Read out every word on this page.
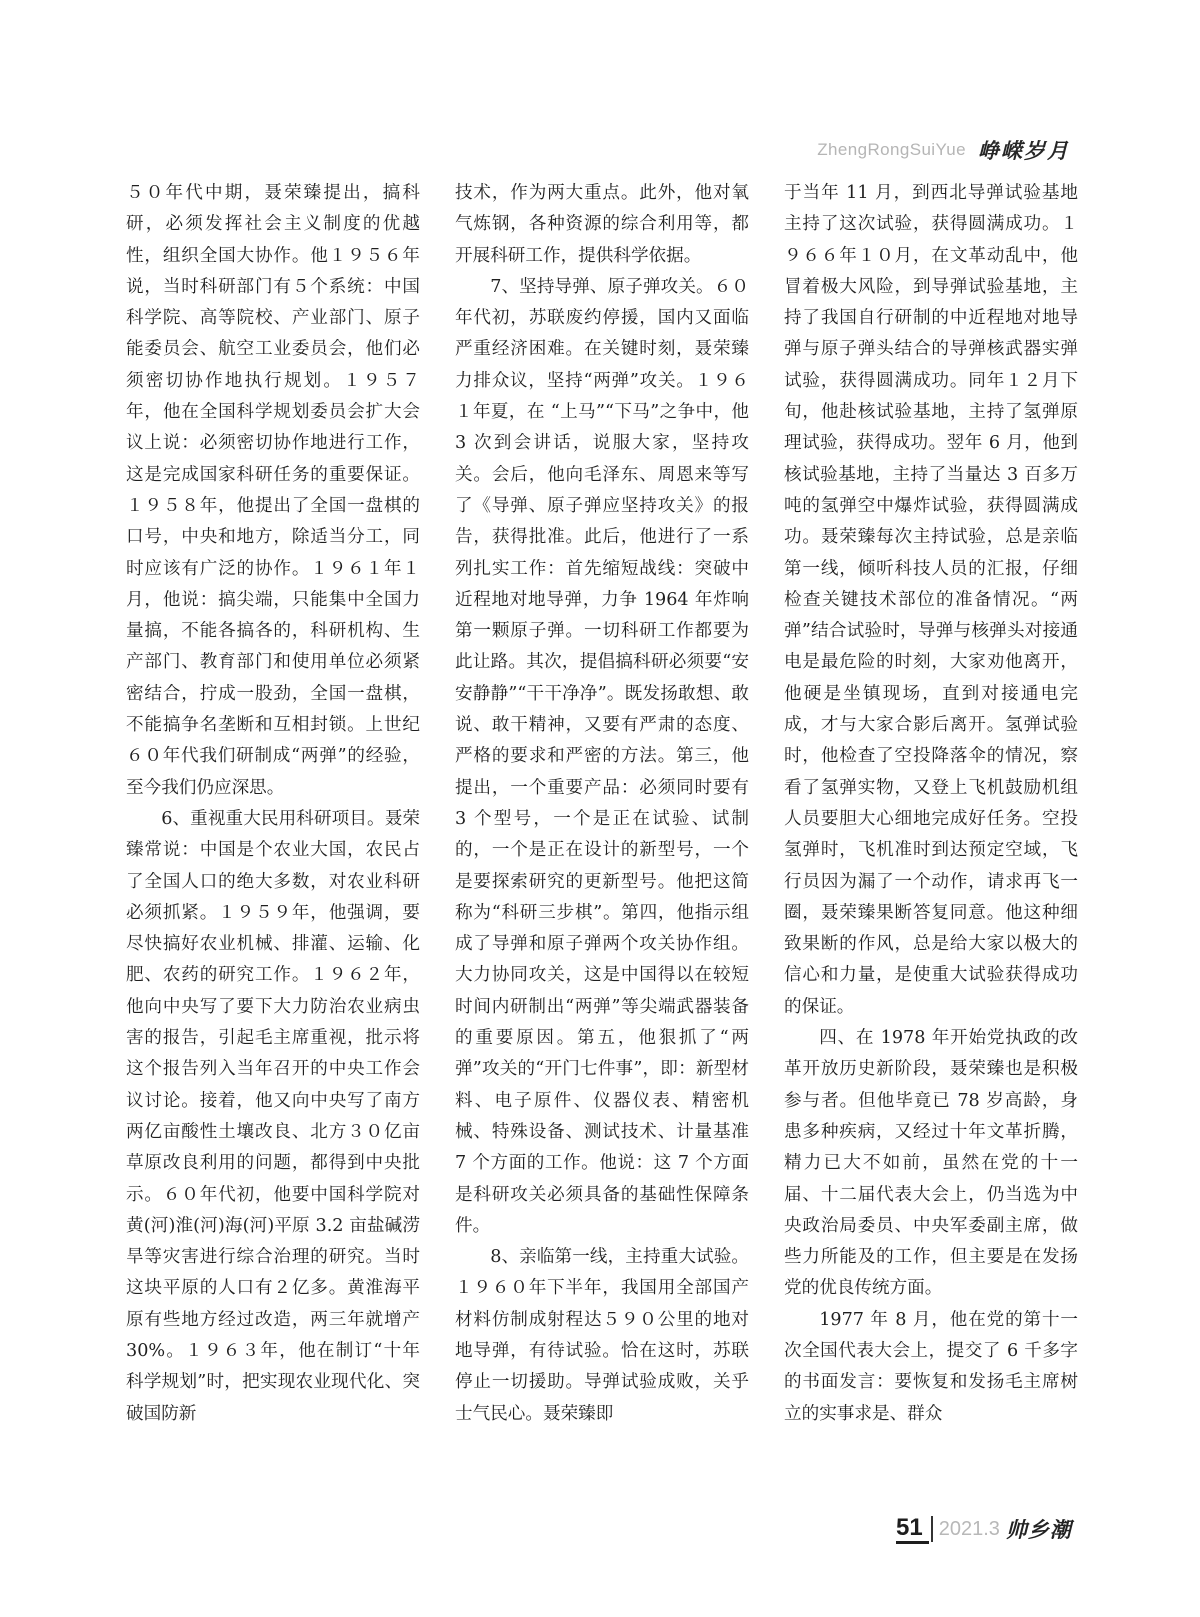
ZhengRongSuiYue 峥嵘岁月

５０年代中期，聂荣臻提出，搞科研，必须发挥社会主义制度的优越性，组织全国大协作。他１９５６年说，当时科研部门有５个系统：中国科学院、高等院校、产业部门、原子能委员会、航空工业委员会，他们必须密切协作地执行规划。１９５７年，他在全国科学规划委员会扩大会议上说：必须密切协作地进行工作，这是完成国家科研任务的重要保证。１９５８年，他提出了全国一盘棋的口号，中央和地方，除适当分工，同时应该有广泛的协作。１９６１年１月，他说：搞尖端，只能集中全国力量搞，不能各搞各的，科研机构、生产部门、教育部门和使用单位必须紧密结合，拧成一股劲，全国一盘棋，不能搞争名垄断和互相封锁。上世纪６０年代我们研制成“两弹”的经验，至今我们仍应深思。

6、重视重大民用科研项目。聂荣臻常说：中国是个农业大国，农民占了全国人口的绝大多数，对农业科研必须抓紧。１９５９年，他强调，要尽快搞好农业机械、排灌、运输、化肥、农药的研究工作。１９６２年，他向中央写了要下大力防治农业病虫害的报告，引起毛主席重视，批示将这个报告列入当年召开的中央工作会议讨论。接着，他又向中央写了南方两亿亩酸性土壤改良、北方３０亿亩草原改良利用的问题，都得到中央批示。６０年代初，他要中国科学院对黄(河)淮(河)海(河)平原 3.2 亩盐碱涝旱等灾害进行综合治理的研究。当时这块平原的人口有２亿多。黄淮海平原有些地方经过改造，两三年就增产 30%。１９６３年，他在制订“十年科学规划”时，把实现农业现代化、突破国防新

技术，作为两大重点。此外，他对氧气炼钢，各种资源的综合利用等，都开展科研工作，提供科学依据。

7、坚持导弹、原子弹攻关。６０年代初，苏联废约停援，国内又面临严重经济困难。在关键时刻，聂荣臻力排众议，坚持“两弹”攻关。１９６１年夏，在 “上马”“下马”之争中，他 3 次到会讲话，说服大家，坚持攻关。会后，他向毛泽东、周恩来等写了《导弹、原子弹应坚持攻关》的报告，获得批准。此后，他进行了一系列扎实工作：首先缩短战线：突破中近程地对地导弹，力争 1964 年炸响第一颗原子弹。一切科研工作都要为此让路。其次，提倡搞科研必须要“安安静静”“干干净净”。既发扬敢想、敢说、敢干精神，又要有严肃的态度、严格的要求和严密的方法。第三，他提出，一个重要产品：必须同时要有 3 个型号，一个是正在试验、试制的，一个是正在设计的新型号，一个是要探索研究的更新型号。他把这简称为“科研三步棋”。第四，他指示组成了导弹和原子弹两个攻关协作组。大力协同攻关，这是中国得以在较短时间内研制出“两弹”等尖端武器装备的重要原因。第五，他狠抓了“两弹”攻关的“开门七件事”，即：新型材料、电子原件、仪器仪表、精密机械、特殊设备、测试技术、计量基准 7 个方面的工作。他说：这 7 个方面是科研攻关必须具备的基础性保障条件。

8、亲临第一线，主持重大试验。１９６０年下半年，我国用全部国产材料仿制成射程达５９０公里的地对地导弹，有待试验。恰在这时，苏联停止一切援助。导弹试验成败，关乎士气民心。聂荣臻即

于当年 11 月，到西北导弹试验基地主持了这次试验，获得圆满成功。１９６６年１０月，在文革动乱中，他冒着极大风险，到导弹试验基地，主持了我国自行研制的中近程地对地导弹与原子弹头结合的导弹核武器实弹试验，获得圆满成功。同年１２月下旬，他赴核试验基地，主持了氢弹原理试验，获得成功。翌年 6 月，他到核试验基地，主持了当量达 3 百多万吨的氢弹空中爆炸试验，获得圆满成功。聂荣臻每次主持试验，总是亲临第一线，倾听科技人员的汇报，仔细检查关键技术部位的准备情况。“两弹”结合试验时，导弹与核弹头对接通电是最危险的时刻，大家劝他离开，他硬是坐镇现场，直到对接通电完成，才与大家合影后离开。氢弹试验时，他检查了空投降落伞的情况，察看了氢弹实物，又登上飞机鼓励机组人员要胆大心细地完成好任务。空投氢弹时，飞机准时到达预定空域，飞行员因为漏了一个动作，请求再飞一圈，聂荣臻果断答复同意。他这种细致果断的作风，总是给大家以极大的信心和力量，是使重大试验获得成功的保证。

四、在 1978 年开始党执政的改革开放历史新阶段，聂荣臻也是积极参与者。但他毕竟已 78 岁高龄，身患多种疾病，又经过十年文革折腾，精力已大不如前，虽然在党的十一届、十二届代表大会上，仍当选为中央政治局委员、中央军委副主席，做些力所能及的工作，但主要是在发扬党的优良传统方面。

1977 年 8 月，他在党的第十一次全国代表大会上，提交了 6 千多字的书面发言：要恢复和发扬毛主席树立的实事求是、群众

51 2021.3 帅乡潮
